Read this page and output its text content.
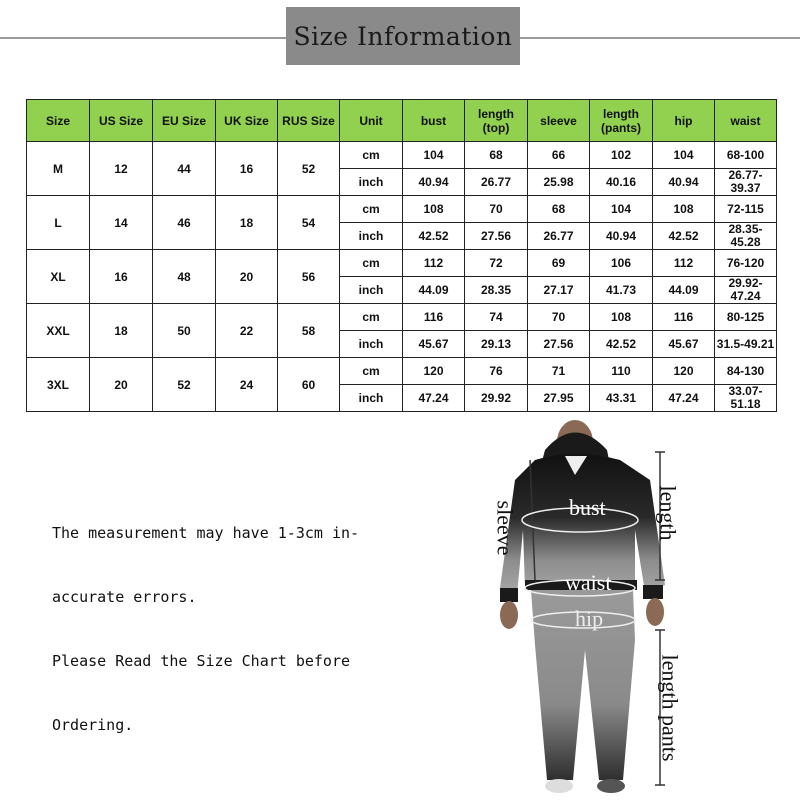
Size Information
Size	US Size	EU Size	UK Size	RUS Size	Unit	bust	length (top)	sleeve	length (pants)	hip	waist
M	12	44	16	52	cm	104	68	66	102	104	68-100
					inch	40.94	26.77	25.98	40.16	40.94	26.77-39.37
L	14	46	18	54	cm	108	70	68	104	108	72-115
					inch	42.52	27.56	26.77	40.94	42.52	28.35-45.28
XL	16	48	20	56	cm	112	72	69	106	112	76-120
					inch	44.09	28.35	27.17	41.73	44.09	29.92-47.24
XXL	18	50	22	58	cm	116	74	70	108	116	80-125
					inch	45.67	29.13	27.56	42.52	45.67	31.5-49.21
3XL	20	52	24	60	cm	120	76	71	110	120	84-130
					inch	47.24	29.92	27.95	43.31	47.24	33.07-51.18

The measurement may have 1-3cm in-

accurate errors.

Please Read the Size Chart before

Ordering.

bust
waist
hip
sleeve	length
length pants
